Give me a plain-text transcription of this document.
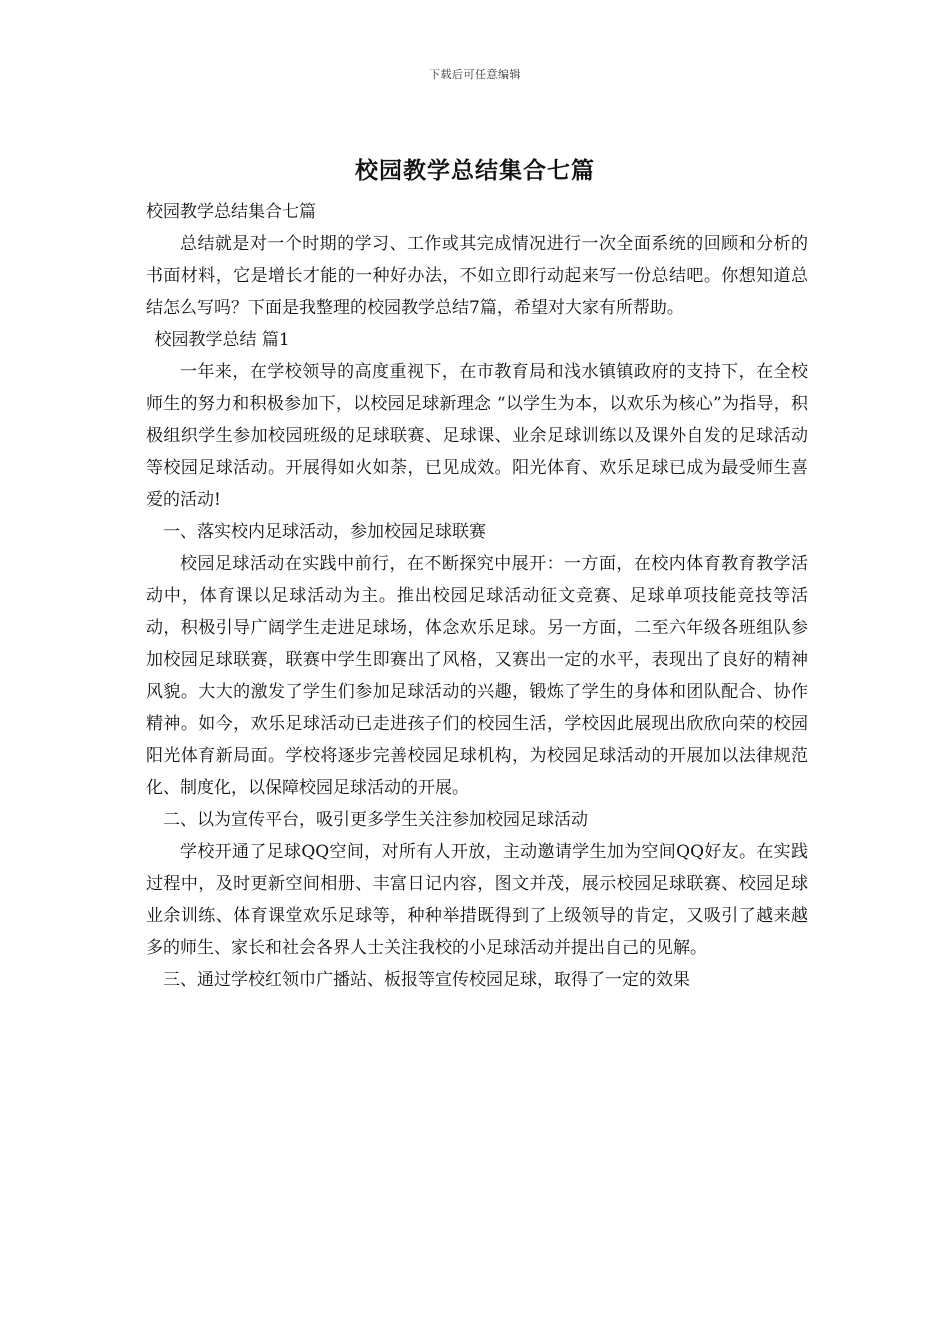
下载后可任意编辑
校园教学总结集合七篇

校园教学总结集合七篇

总结就是对一个时期的学习、工作或其完成情况进行一次全面系统的回顾和分析的书面材料，它是增长才能的一种好办法，不如立即行动起来写一份总结吧。你想知道总结怎么写吗？下面是我整理的校园教学总结7篇，希望对大家有所帮助。

校园教学总结 篇1

一年来，在学校领导的高度重视下，在市教育局和浅水镇镇政府的支持下，在全校师生的努力和积极参加下，以校园足球新理念 “以学生为本，以欢乐为核心”为指导，积极组织学生参加校园班级的足球联赛、足球课、业余足球训练以及课外自发的足球活动等校园足球活动。开展得如火如荼，已见成效。阳光体育、欢乐足球已成为最受师生喜爱的活动!

一、落实校内足球活动，参加校园足球联赛

校园足球活动在实践中前行，在不断探究中展开：一方面，在校内体育教育教学活动中，体育课以足球活动为主。推出校园足球活动征文竞赛、足球单项技能竞技等活动，积极引导广阔学生走进足球场，体念欢乐足球。另一方面，二至六年级各班组队参加校园足球联赛，联赛中学生即赛出了风格，又赛出一定的水平，表现出了良好的精神风貌。大大的激发了学生们参加足球活动的兴趣，锻炼了学生的身体和团队配合、协作精神。如今，欢乐足球活动已走进孩子们的校园生活，学校因此展现出欣欣向荣的校园阳光体育新局面。学校将逐步完善校园足球机构，为校园足球活动的开展加以法律规范化、制度化，以保障校园足球活动的开展。

二、以为宣传平台，吸引更多学生关注参加校园足球活动

学校开通了足球QQ空间，对所有人开放，主动邀请学生加为空间QQ好友。在实践过程中，及时更新空间相册、丰富日记内容，图文并茂，展示校园足球联赛、校园足球业余训练、体育课堂欢乐足球等，种种举措既得到了上级领导的肯定，又吸引了越来越多的师生、家长和社会各界人士关注我校的小足球活动并提出自己的见解。

三、通过学校红领巾广播站、板报等宣传校园足球，取得了一定的效果
